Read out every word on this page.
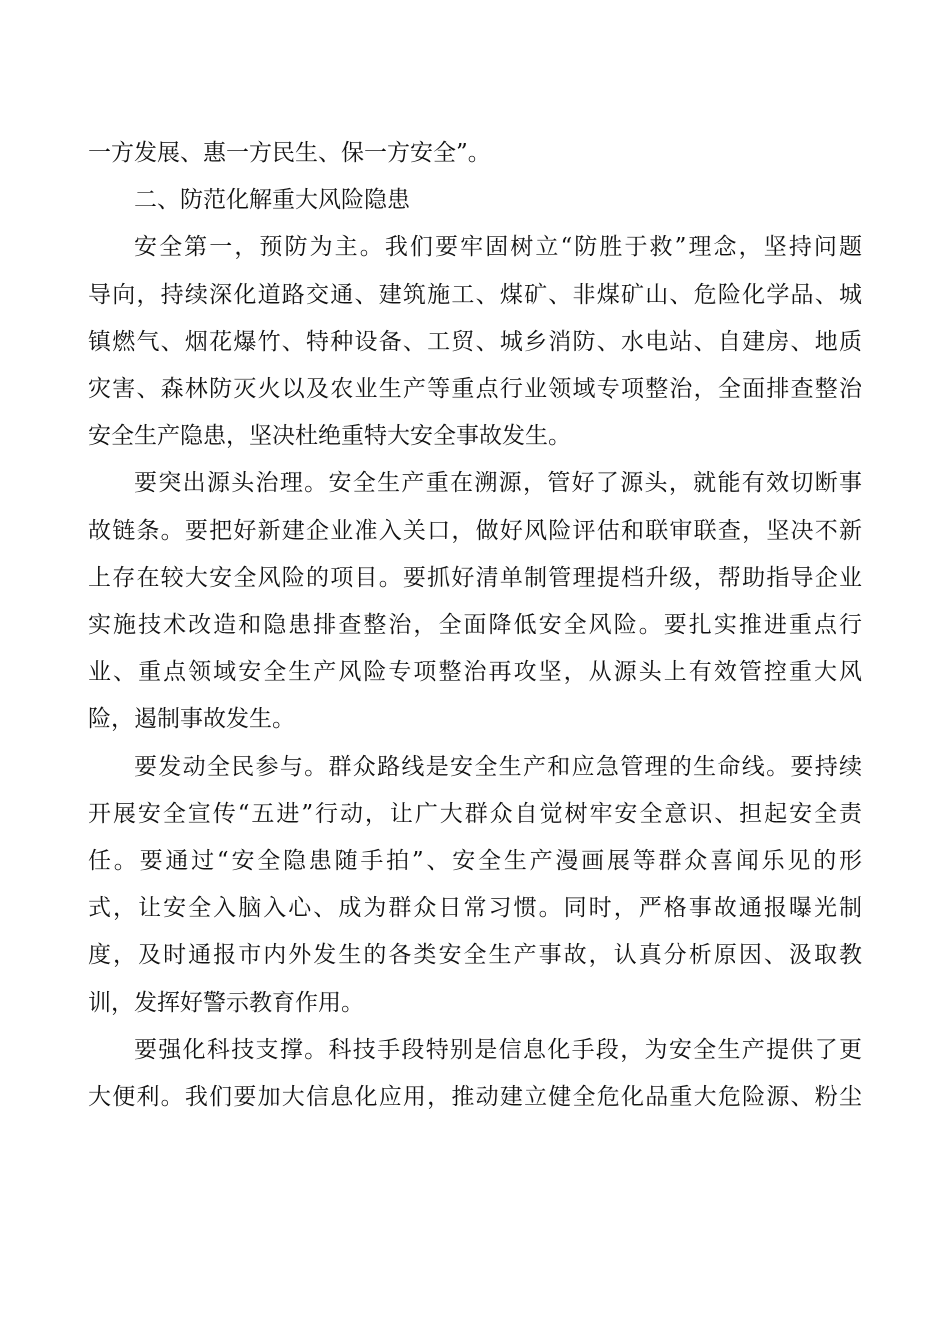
一方发展、惠一方民生、保一方安全”。
二、防范化解重大风险隐患
安全第一，预防为主。我们要牢固树立“防胜于救”理念，坚持问题
导向，持续深化道路交通、建筑施工、煤矿、非煤矿山、危险化学品、城
镇燃气、烟花爆竹、特种设备、工贸、城乡消防、水电站、自建房、地质
灾害、森林防灭火以及农业生产等重点行业领域专项整治，全面排查整治
安全生产隐患，坚决杜绝重特大安全事故发生。
要突出源头治理。安全生产重在溯源，管好了源头，就能有效切断事
故链条。要把好新建企业准入关口，做好风险评估和联审联查，坚决不新
上存在较大安全风险的项目。要抓好清单制管理提档升级，帮助指导企业
实施技术改造和隐患排查整治，全面降低安全风险。要扎实推进重点行
业、重点领域安全生产风险专项整治再攻坚，从源头上有效管控重大风
险，遏制事故发生。
要发动全民参与。群众路线是安全生产和应急管理的生命线。要持续
开展安全宣传“五进”行动，让广大群众自觉树牢安全意识、担起安全责
任。要通过“安全隐患随手拍”、安全生产漫画展等群众喜闻乐见的形
式，让安全入脑入心、成为群众日常习惯。同时，严格事故通报曝光制
度，及时通报市内外发生的各类安全生产事故，认真分析原因、汲取教
训，发挥好警示教育作用。
要强化科技支撑。科技手段特别是信息化手段，为安全生产提供了更
大便利。我们要加大信息化应用，推动建立健全危化品重大危险源、粉尘
